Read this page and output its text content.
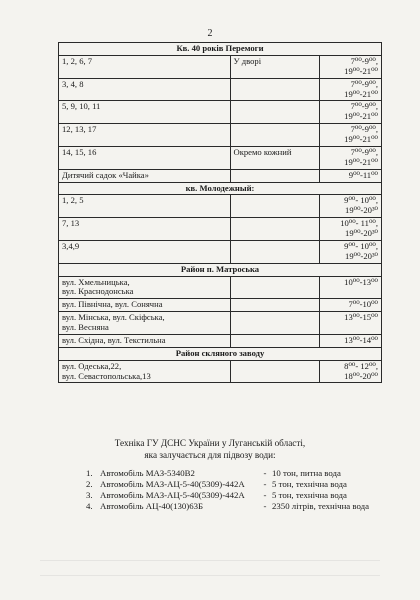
2
Кв. 40 років Перемоги		

1, 2, 6, 7	У дворі	7⁰⁰-9⁰⁰,
19⁰⁰-21⁰⁰

3, 4, 8		7⁰⁰-9⁰⁰,
19⁰⁰-21⁰⁰

5, 9, 10, 11		7⁰⁰-9⁰⁰,
19⁰⁰-21⁰⁰

12, 13, 17		7⁰⁰-9⁰⁰,
19⁰⁰-21⁰⁰

14, 15, 16	Окремо кожний	7⁰⁰-9⁰⁰,
19⁰⁰-21⁰⁰

Дитячий садок «Чайка»		9⁰⁰-11⁰⁰

кв. Молодежный:		

1, 2, 5		9⁰⁰- 10⁰⁰,
19⁰⁰-20³⁰

7, 13		10⁰⁰- 11⁰⁰,
19⁰⁰-20³⁰

3,4,9		9⁰⁰- 10⁰⁰,
19⁰⁰-20³⁰

Район п. Матроська		

вул. Хмельницька,
вул. Краснодонська		10⁰⁰-13⁰⁰

вул. Північна, вул. Сонячна		7⁰⁰-10⁰⁰

вул. Мінська, вул. Скіфська,
вул. Весняна		13⁰⁰-15⁰⁰

вул. Східна, вул. Текстильна		13⁰⁰-14⁰⁰

Район скляного заводу		

вул. Одеська,22,
вул. Севастопольська,13		8⁰⁰- 12⁰⁰,
18⁰⁰-20⁰⁰
Техніка ГУ ДСНС України у Луганській області,
яка залучається для підвозу води:
1. Автомобіль МАЗ-5340В2	- 10 тон, питна вода
2. Автомобіль МАЗ-АЦ-5-40(5309)-442А	- 5 тон, технічна вода
3. Автомобіль МАЗ-АЦ-5-40(5309)-442А	- 5 тон, технічна вода
4. Автомобіль АЦ-40(130)63Б	- 2350 літрів, технічна вода
